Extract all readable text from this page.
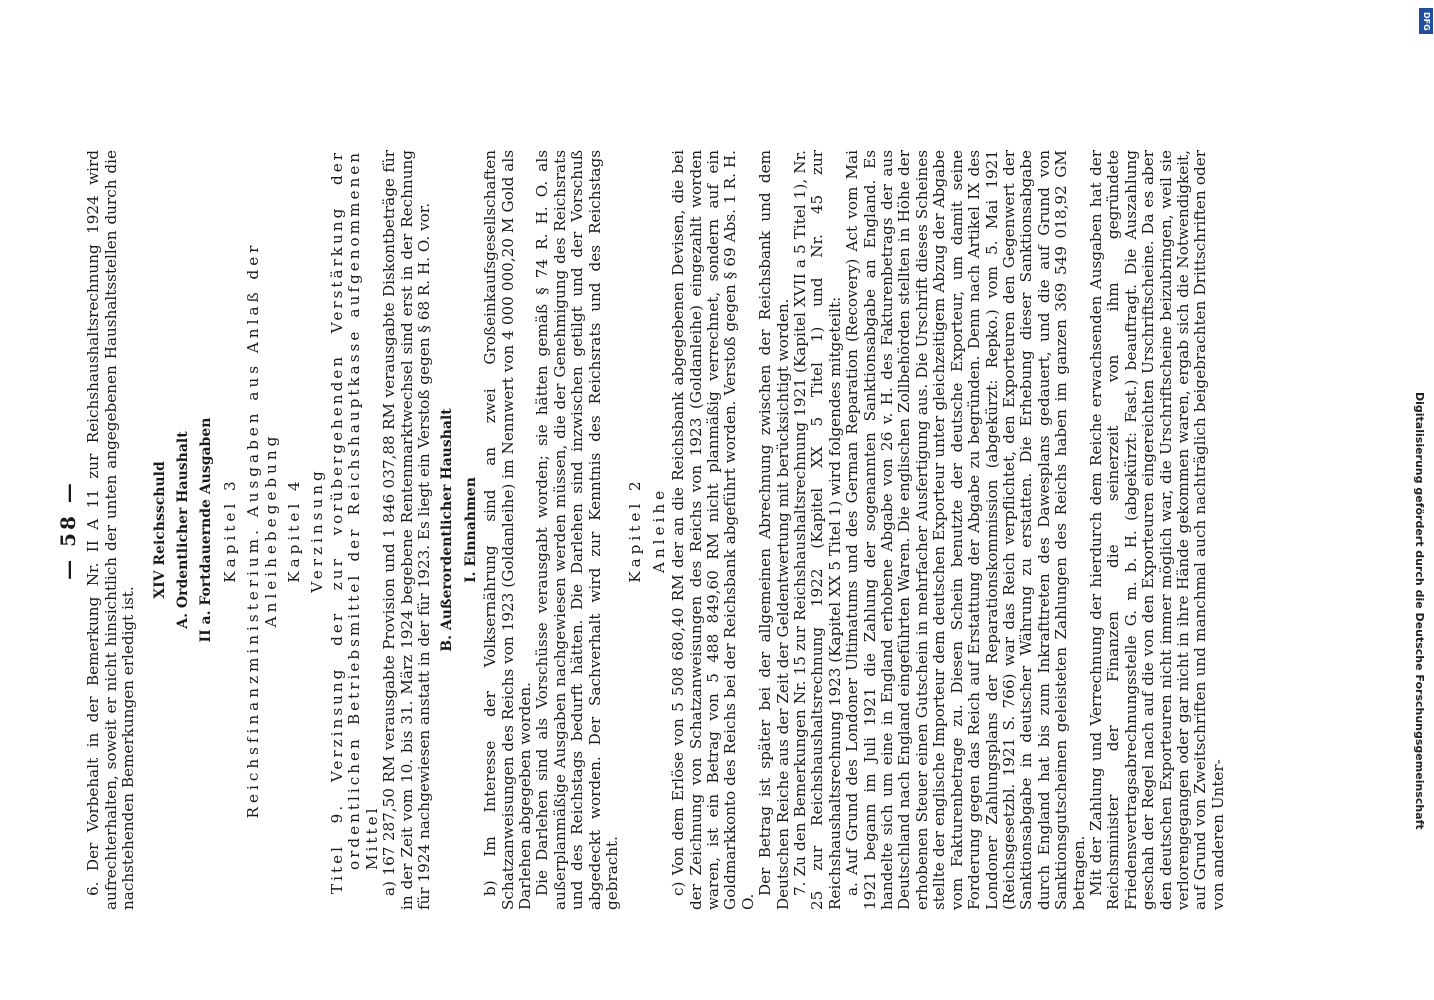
— 58 — 6. Der Vorbehalt in der Bemerkung Nr. II A 11 zur Reichshaushaltsrechnung 1924 wird aufrechterhalten, soweit er nicht hinsichtlich der unten angegebenen Haushaltsstellen durch die nachstehenden Bemerkungen erledigt ist.

XIV Reichsschuld A. Ordentlicher Haushalt II a. Fortdauernde Ausgaben Kapitel 3 Reichsfinanzministerium. Ausgaben aus Anlaß der Anleihebegebung Kapitel 4 Verzinsung Titel 9. Verzinsung der zur vorübergehenden Verstärkung der ordentlichen Betriebsmittel der Reichshauptkasse aufgenommenen Mittel a) 167 287,50 RM verausgabte Provision und 1 846 037,88 RM verausgabte Diskontbeträge für in der Zeit vom 10. bis 31. März 1924 begebene Rentenmarktwechsel sind erst in der Rechnung für 1924 nachgewiesen anstatt in der für 1923. Es liegt ein Verstoß gegen § 68 R. H. O. vor. B. Außerordentlicher Haushalt I. Einnahmen b) Im Interesse der Volksernährung sind an zwei Großeinkaufsgesellschaften Schatzanweisungen des Reichs von 1923 (Goldanleihe) im Nennwert von 4 000 000,20 M Gold als Darlehen abgegeben worden. Die Darlehen sind als Vorschüsse verausgabt worden; sie hätten gemäß § 74 R. H. O. als außerplanmäßige Ausgaben nachgewiesen werden müssen, die der Genehmigung des Reichsrats und des Reichstags bedurft hätten. Die Darlehen sind inzwischen getilgt und der Vorschuß abgedeckt worden. Der Sachverhalt wird zur Kenntnis des Reichsrats und des Reichstags gebracht.

Kapitel 2 Anleihe c) Von dem Erlöse von 5 508 680,40 RM der an die Reichsbank abgegebenen Devisen, die bei der Zeichnung von Schatzanweisungen des Reichs von 1923 (Goldanleihe) eingezahlt worden waren, ist ein Betrag von 5 488 849,60 RM nicht planmäßig verrechnet, sondern auf ein Goldmarkkonto des Reichs bei der Reichsbank abgeführt worden. Verstoß gegen § 69 Abs. 1 R. H. O.

Der Betrag ist später bei der allgemeinen Abrechnung zwischen der Reichsbank und dem Deutschen Reiche aus der Zeit der Geldentwertung mit berücksichtigt worden. 7. Zu den Bemerkungen Nr. 15 zur Reichshaushaltsrechnung 1921 (Kapitel XVII a 5 Titel 1), Nr. 25 zur Reichshaushaltsrechnung 1922 (Kapitel XX 5 Titel 1) und Nr. 45 zur Reichshaushaltsrechnung 1923 (Kapitel XX 5 Titel 1) wird folgendes mitgeteilt: a. Auf Grund des Londoner Ultimatums und des German Reparation (Recovery) Act vom Mai 1921 begann im Juli 1921 die Zahlung der sogenannten Sanktionsabgabe an England. Es handelte sich um eine in England erhobene Abgabe von 26 v. H. des Fakturenbetrags der aus Deutschland nach England eingeführten Waren. Die englischen Zollbehörden stellten in Höhe der erhobenen Steuer einen Gutschein in mehrfacher Ausfertigung aus. Die Urschrift dieses Scheines stellte der englische Importeur dem deutschen Exporteur unter gleichzeitigem Abzug der Abgabe vom Fakturenbetrage zu. Diesen Schein benutzte der deutsche Exporteur, um damit seine Forderung gegen das Reich auf Erstattung der Abgabe zu begründen. Denn nach Artikel IX des Londoner Zahlungsplans der Reparationskommission (abgekürzt: Repko.) vom 5. Mai 1921 (Reichsgesetzbl. 1921 S. 766) war das Reich verpflichtet, den Exporteuren den Gegenwert der Sanktionsabgabe in deutscher Währung zu erstatten. Die Erhebung dieser Sanktionsabgabe durch England hat bis zum Inkrafttreten des Dawesplans gedauert, und die auf Grund von Sanktionsgutscheinen geleisteten Zahlungen des Reichs haben im ganzen 369 549 018,92 GM betragen. Mit der Zahlung und Verrechnung der hierdurch dem Reiche erwachsenden Ausgaben hat der Reichsminister der Finanzen die seinerzeit von ihm gegründete Friedensvertragsabrechnungsstelle G. m. b. H. (abgekürzt: Fast.) beauftragt. Die Auszahlung geschah der Regel nach auf die von den Exporteuren eingereichten Urschriftscheine. Da es aber den deutschen Exporteuren nicht immer möglich war, die Urschriftscheine beizubringen, weil sie verlorengegangen oder gar nicht in ihre Hände gekommen waren, ergab sich die Notwendigkeit, auf Grund von Zweitschriften und manchmal auch nachträglich beigebrachten Drittschriften oder von anderen Unter-

DFG
Digitalisierung gefördert durch die Deutsche Forschungsgemeinschaft
